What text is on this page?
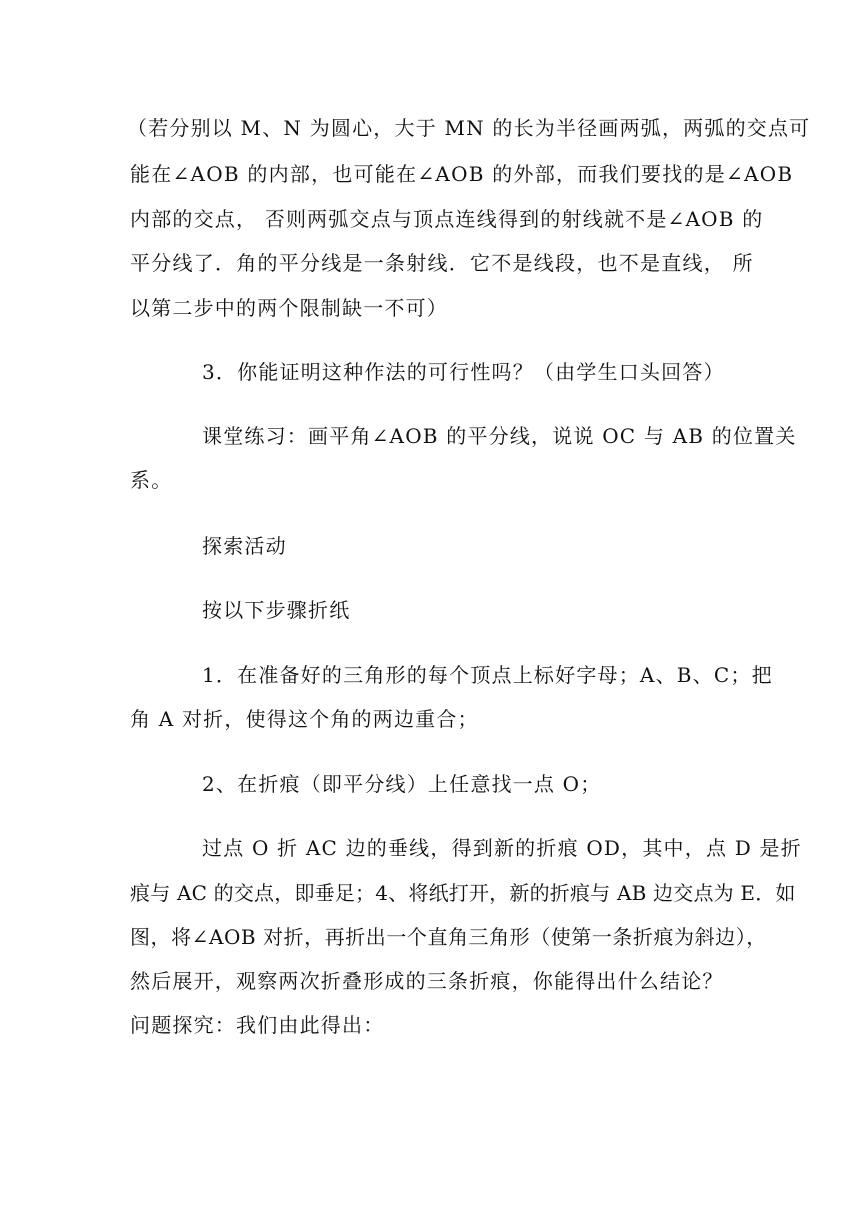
（若分别以 M、N 为圆心，大于 MN 的长为半径画两弧，两弧的交点可
能在∠AOB 的内部，也可能在∠AOB 的外部，而我们要找的是∠AOB
内部的交点， 否则两弧交点与顶点连线得到的射线就不是∠AOB 的
平分线了．角的平分线是一条射线．它不是线段，也不是直线， 所
以第二步中的两个限制缺一不可）
3．你能证明这种作法的可行性吗？（由学生口头回答）
课堂练习：画平角∠AOB 的平分线，说说 OC 与 AB 的位置关
系。
探索活动
按以下步骤折纸
1．在准备好的三角形的每个顶点上标好字母；A、B、C；把
角 A 对折，使得这个角的两边重合；
2、在折痕（即平分线）上任意找一点 O；
过点 O 折 AC 边的垂线，得到新的折痕 OD，其中，点 D 是折
痕与 AC 的交点，即垂足；4、将纸打开，新的折痕与 AB 边交点为 E．如
图，将∠AOB 对折，再折出一个直角三角形（使第一条折痕为斜边），
然后展开，观察两次折叠形成的三条折痕，你能得出什么结论？
问题探究：我们由此得出：
